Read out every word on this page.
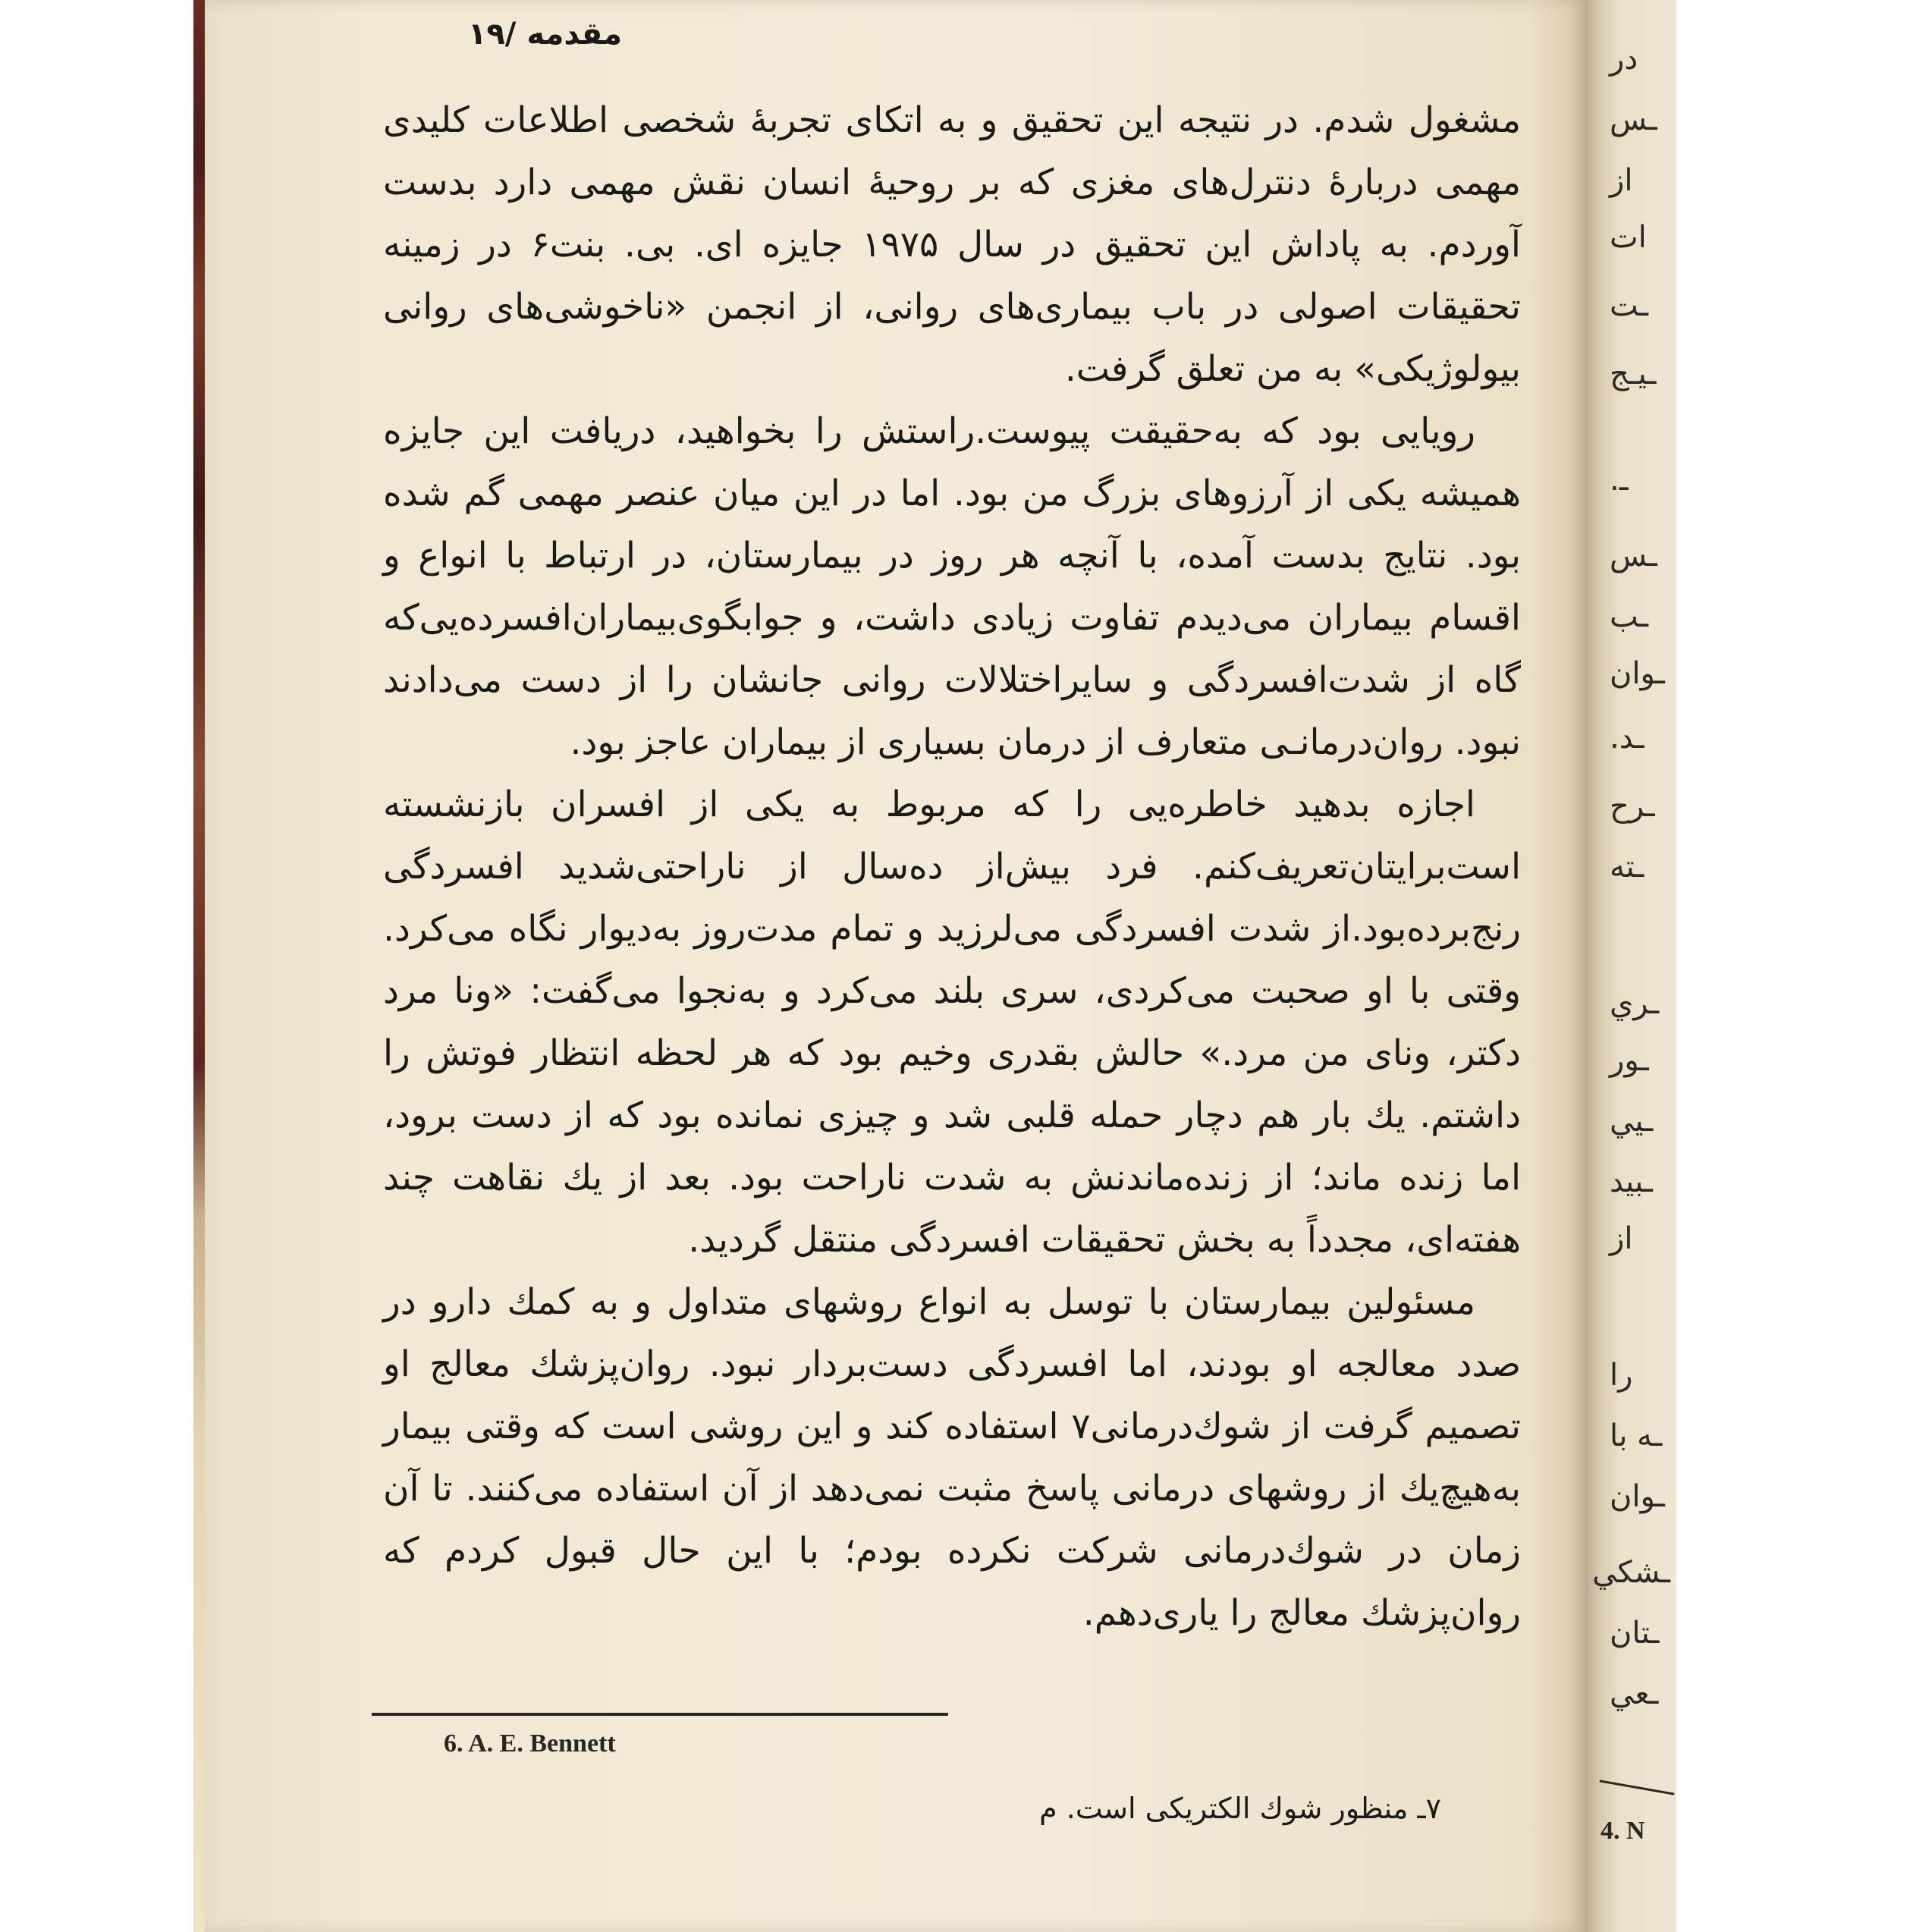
مقدمه /۱۹

مشغول شدم. در نتیجه این تحقیق و به اتکای تجربهٔ شخصی اطلاعات کلیدی مهمی دربارهٔ دنترل‌های مغزی که بر روحیهٔ انسان نقش مهمی دارد بدست آوردم. به پاداش این تحقیق در سال ۱۹۷۵ جایزه ای. بی. بنت۶ در زمینه تحقیقات اصولی در باب بیماری‌های روانی، از انجمن «ناخوشی‌های روانی بیولوژیکی» به من تعلق گرفت.

رویایی بود که به‌حقیقت پیوست.راستش را بخواهید، دریافت این جایزه همیشه یکی از آرزوهای بزرگ من بود. اما در این میان عنصر مهمی گم شده بود. نتایج بدست آمده، با آنچه هر روز در بیمارستان، در ارتباط با انواع و اقسام بیماران می‌دیدم تفاوت زیادی داشت، و جوابگوی‌بیماران‌افسرده‌یی‌که گاه از شدت‌افسردگی و سایراختلالات روانی جانشان را از دست می‌دادند نبود. روان‌درمانـی متعارف از درمان بسیاری از بیماران عاجز بود.

اجازه بدهید خاطره‌یی را که مربوط به یکی از افسران بازنشسته است‌برایتان‌تعریف‌کنم. فرد بیش‌از ده‌سال از ناراحتی‌شدید افسردگی رنج‌برده‌بود.از شدت افسردگی می‌لرزید و تمام مدت‌روز به‌دیوار نگاه می‌کرد. وقتی با او صحبت می‌کردی، سری بلند می‌کرد و به‌نجوا می‌گفت: «ونا مرد دکتر، ونای من مرد.» حالش بقدری وخیم بود که هر لحظه انتظار فوتش را داشتم. یك بار هم دچار حمله قلبی شد و چیزی نمانده بود که از دست برود، اما زنده ماند؛ از زنده‌ماندنش به شدت ناراحت بود. بعد از یك نقاهت چند هفته‌ای، مجدداً به بخش تحقیقات افسردگی منتقل گردید.

مسئولین بیمارستان با توسل به انواع روشهای متداول و به کمك دارو در صدد معالجه او بودند، اما افسردگی دست‌بردار نبود. روان‌پزشك معالج او تصمیم گرفت از شوك‌درمانی۷ استفاده کند و این روشی است که وقتی بیمار به‌هیچ‌یك از روشهای درمانی پاسخ مثبت نمی‌دهد از آن استفاده می‌کنند. تا آن زمان در شوك‌درمانی شرکت نکرده بودم؛ با این حال قبول کردم که روان‌پزشك معالج را یاری‌دهم.

6. A. E. Bennett
۷ـ منظور شوك الکتریکی است. م
در
ـس
از
ات
ـت
ـيـج
ـ.
ـس
ـب
ـوان
ـد.
ـرح
ـته
ـري
ـور
ـيي
ـبيد
از
را
ـه با
ـوان
ـشكي
ـتان
ـعي
4. N
